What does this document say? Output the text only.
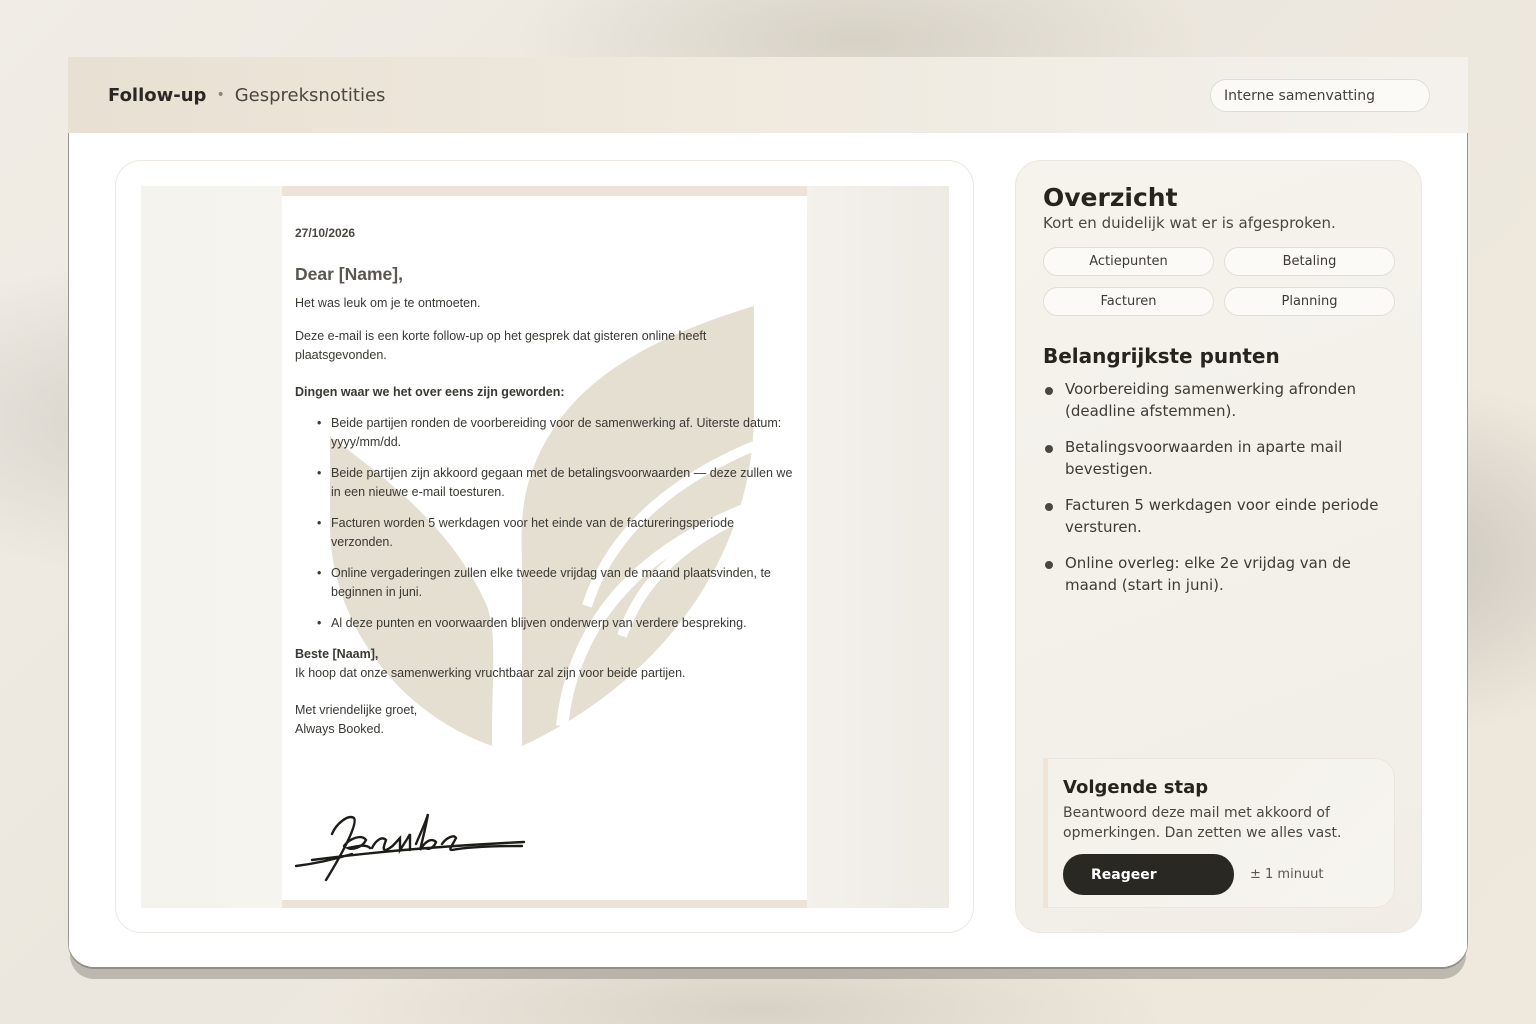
Follow-up • Gespreksnotities
Interne samenvatting
27/10/2026
Dear [Name],
Het was leuk om je te ontmoeten.
Deze e-mail is een korte follow-up op het gesprek dat gisteren online heeft plaatsgevonden.
Dingen waar we het over eens zijn geworden:
• Beide partijen ronden de voorbereiding voor de samenwerking af. Uiterste datum: yyyy/mm/dd.
• Beide partijen zijn akkoord gegaan met de betalingsvoorwaarden — deze zullen we in een nieuwe e-mail toesturen.
• Facturen worden 5 werkdagen voor het einde van de factureringsperiode verzonden.
• Online vergaderingen zullen elke tweede vrijdag van de maand plaatsvinden, te beginnen in juni.
• Al deze punten en voorwaarden blijven onderwerp van verdere bespreking.
Beste [Naam],
Ik hoop dat onze samenwerking vruchtbaar zal zijn voor beide partijen.
Met vriendelijke groet,
Always Booked.
Overzicht
Kort en duidelijk wat er is afgesproken.
Actiepunten	Betaling
Facturen	Planning
Belangrijkste punten
Voorbereiding samenwerking afronden (deadline afstemmen).
Betalingsvoorwaarden in aparte mail bevestigen.
Facturen 5 werkdagen voor einde periode versturen.
Online overleg: elke 2e vrijdag van de maand (start in juni).
Volgende stap
Beantwoord deze mail met akkoord of opmerkingen. Dan zetten we alles vast.
Reageer	± 1 minuut
